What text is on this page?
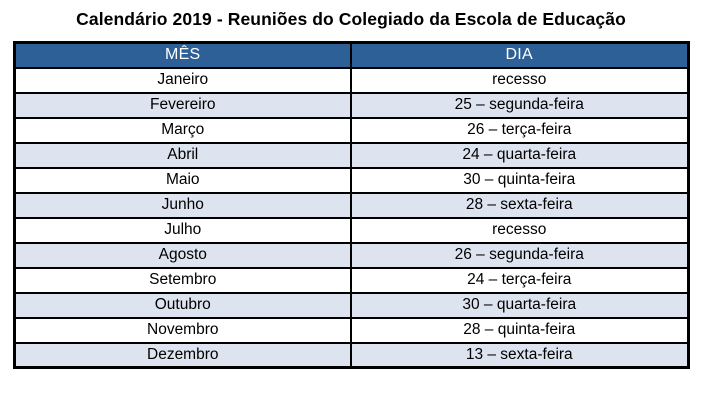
Calendário 2019 - Reuniões do Colegiado da Escola de Educação
MÊS	DIA
Janeiro	recesso
Fevereiro	25 – segunda-feira
Março	26 – terça-feira
Abril	24 – quarta-feira
Maio	30 – quinta-feira
Junho	28 – sexta-feira
Julho	recesso
Agosto	26 – segunda-feira
Setembro	24 – terça-feira
Outubro	30 – quarta-feira
Novembro	28 – quinta-feira
Dezembro	13 – sexta-feira
